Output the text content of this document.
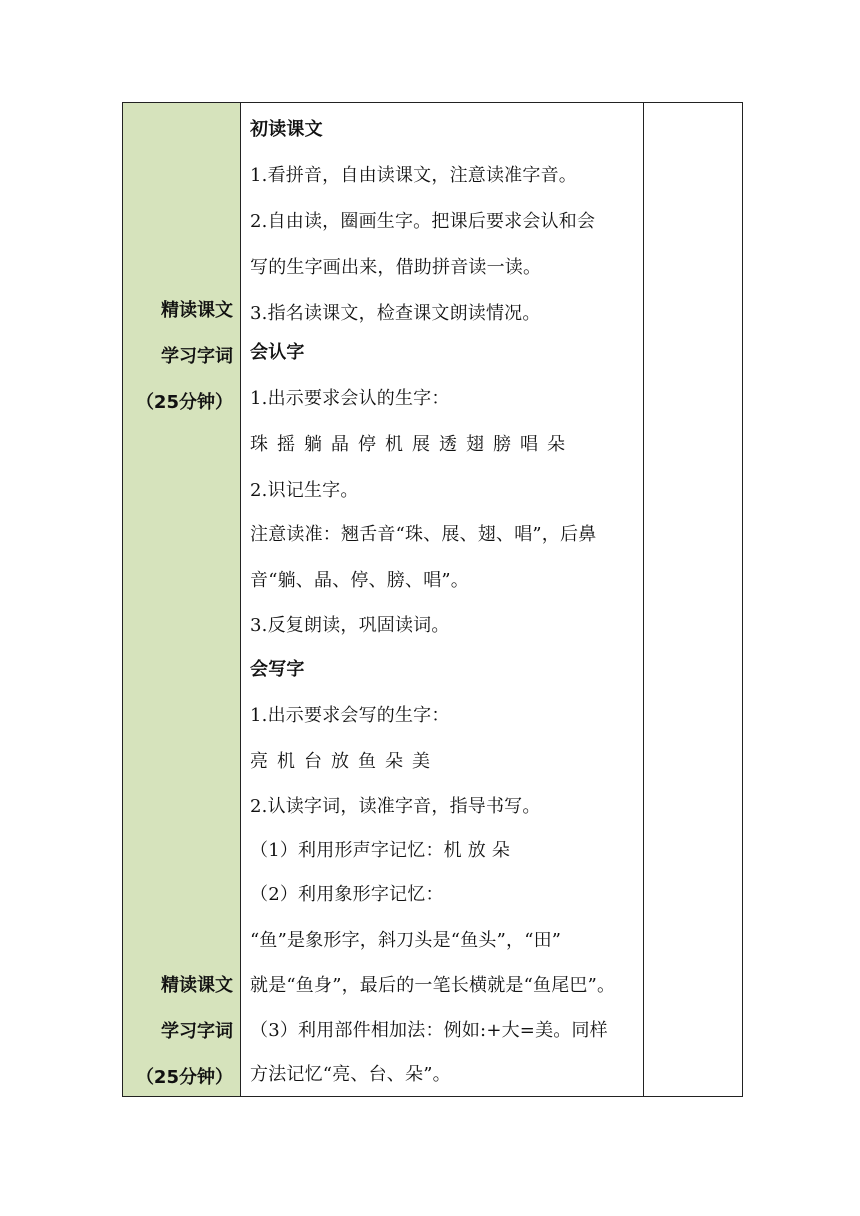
精读课文
学习字词
（25分钟）
精读课文
学习字词
（25分钟）
初读课文
1.看拼音，自由读课文，注意读准字音。
2.自由读，圈画生字。把课后要求会认和会
写的生字画出来，借助拼音读一读。
3.指名读课文，检查课文朗读情况。
会认字
1.出示要求会认的生字：
珠摇躺晶停机展透翅膀唱朵
2.识记生字。
注意读准：翘舌音“珠、展、翅、唱”，后鼻
音“躺、晶、停、膀、唱”。
3.反复朗读，巩固读词。
会写字
1.出示要求会写的生字：
亮机台放鱼朵美
2.认读字词，读准字音，指导书写。
（1）利用形声字记忆：机 放 朵
（2）利用象形字记忆：
“鱼”是象形字，斜刀头是“鱼头”，“田”
就是“鱼身”，最后的一笔长横就是“鱼尾巴”。
（3）利用部件相加法：例如:+大=美。同样
方法记忆“亮、台、朵”。
